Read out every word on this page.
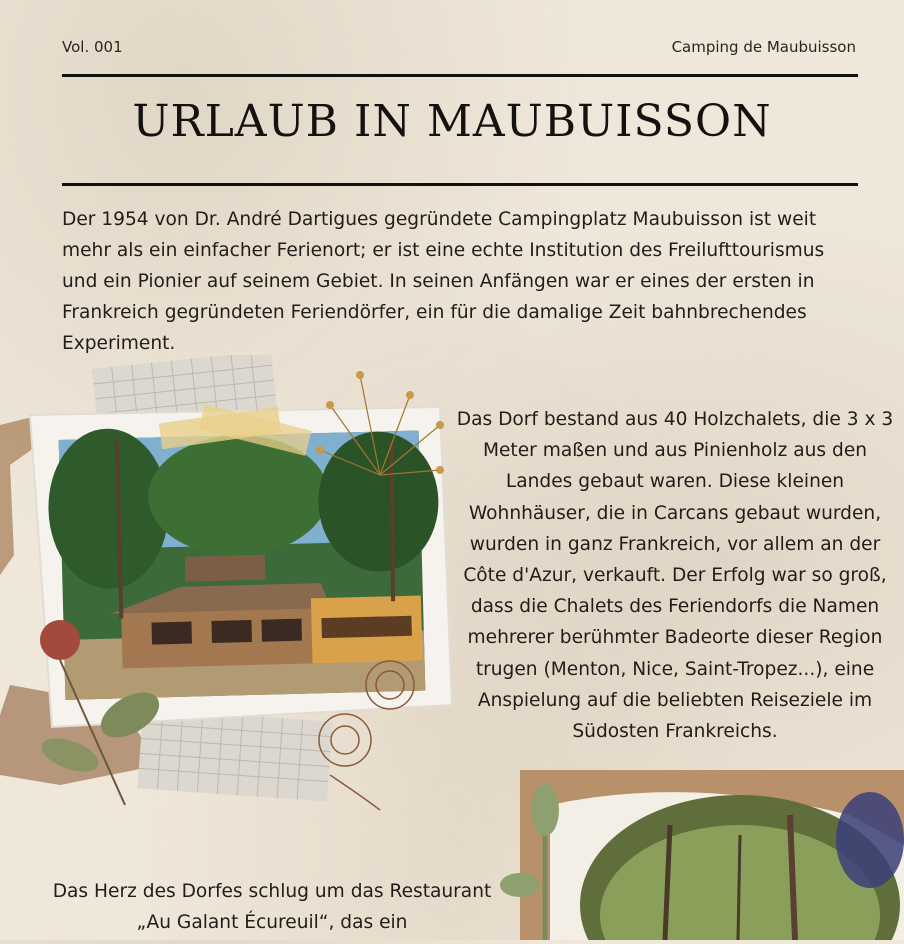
Vol. 001	Camping de Maubuisson
URLAUB IN MAUBUISSON

Der 1954 von Dr. André Dartigues gegründete Campingplatz Maubuisson ist weit mehr als ein einfacher Ferienort; er ist eine echte Institution des Freilufttourismus und ein Pionier auf seinem Gebiet. In seinen Anfängen war er eines der ersten in Frankreich gegründeten Feriendörfer, ein für die damalige Zeit bahnbrechendes Experiment.

Das Dorf bestand aus 40 Holzchalets, die 3 x 3 Meter maßen und aus Pinienholz aus den Landes gebaut waren. Diese kleinen Wohnhäuser, die in Carcans gebaut wurden, wurden in ganz Frankreich, vor allem an der Côte d'Azur, verkauft. Der Erfolg war so groß, dass die Chalets des Feriendorfs die Namen mehrerer berühmter Badeorte dieser Region trugen (Menton, Nice, Saint-Tropez...), eine Anspielung auf die beliebten Reiseziele im Südosten Frankreichs.

Das Herz des Dorfes schlug um das Restaurant „Au Galant Écureuil“, das ein
